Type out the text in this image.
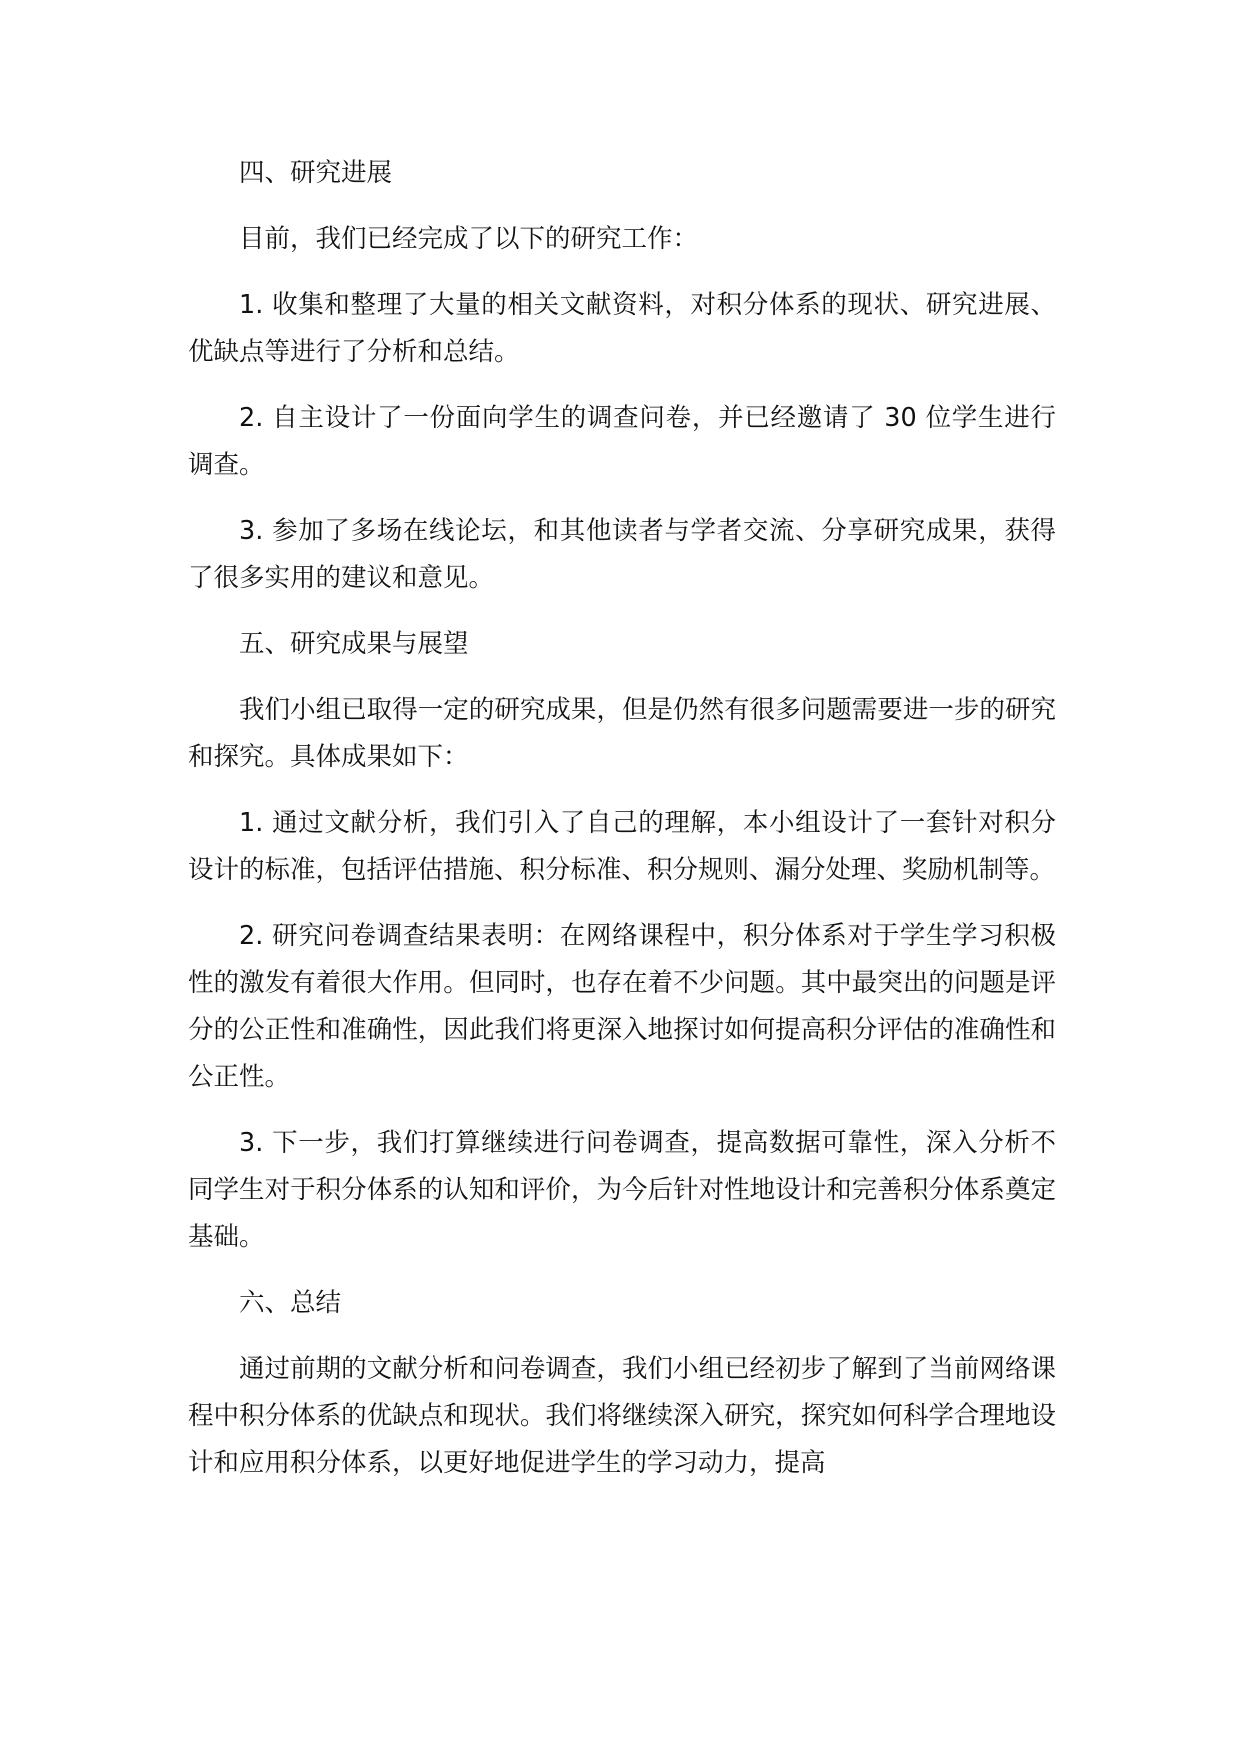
四、研究进展

目前，我们已经完成了以下的研究工作：

1. 收集和整理了大量的相关文献资料，对积分体系的现状、研究进展、优缺点等进行了分析和总结。

2. 自主设计了一份面向学生的调查问卷，并已经邀请了 30 位学生进行调查。

3. 参加了多场在线论坛，和其他读者与学者交流、分享研究成果，获得了很多实用的建议和意见。

五、研究成果与展望

我们小组已取得一定的研究成果，但是仍然有很多问题需要进一步的研究和探究。具体成果如下：

1. 通过文献分析，我们引入了自己的理解，本小组设计了一套针对积分设计的标准，包括评估措施、积分标准、积分规则、漏分处理、奖励机制等。

2. 研究问卷调查结果表明：在网络课程中，积分体系对于学生学习积极性的激发有着很大作用。但同时，也存在着不少问题。其中最突出的问题是评分的公正性和准确性，因此我们将更深入地探讨如何提高积分评估的准确性和公正性。

3. 下一步，我们打算继续进行问卷调查，提高数据可靠性，深入分析不同学生对于积分体系的认知和评价，为今后针对性地设计和完善积分体系奠定基础。

六、总结

通过前期的文献分析和问卷调查，我们小组已经初步了解到了当前网络课程中积分体系的优缺点和现状。我们将继续深入研究，探究如何科学合理地设计和应用积分体系，以更好地促进学生的学习动力，提高
